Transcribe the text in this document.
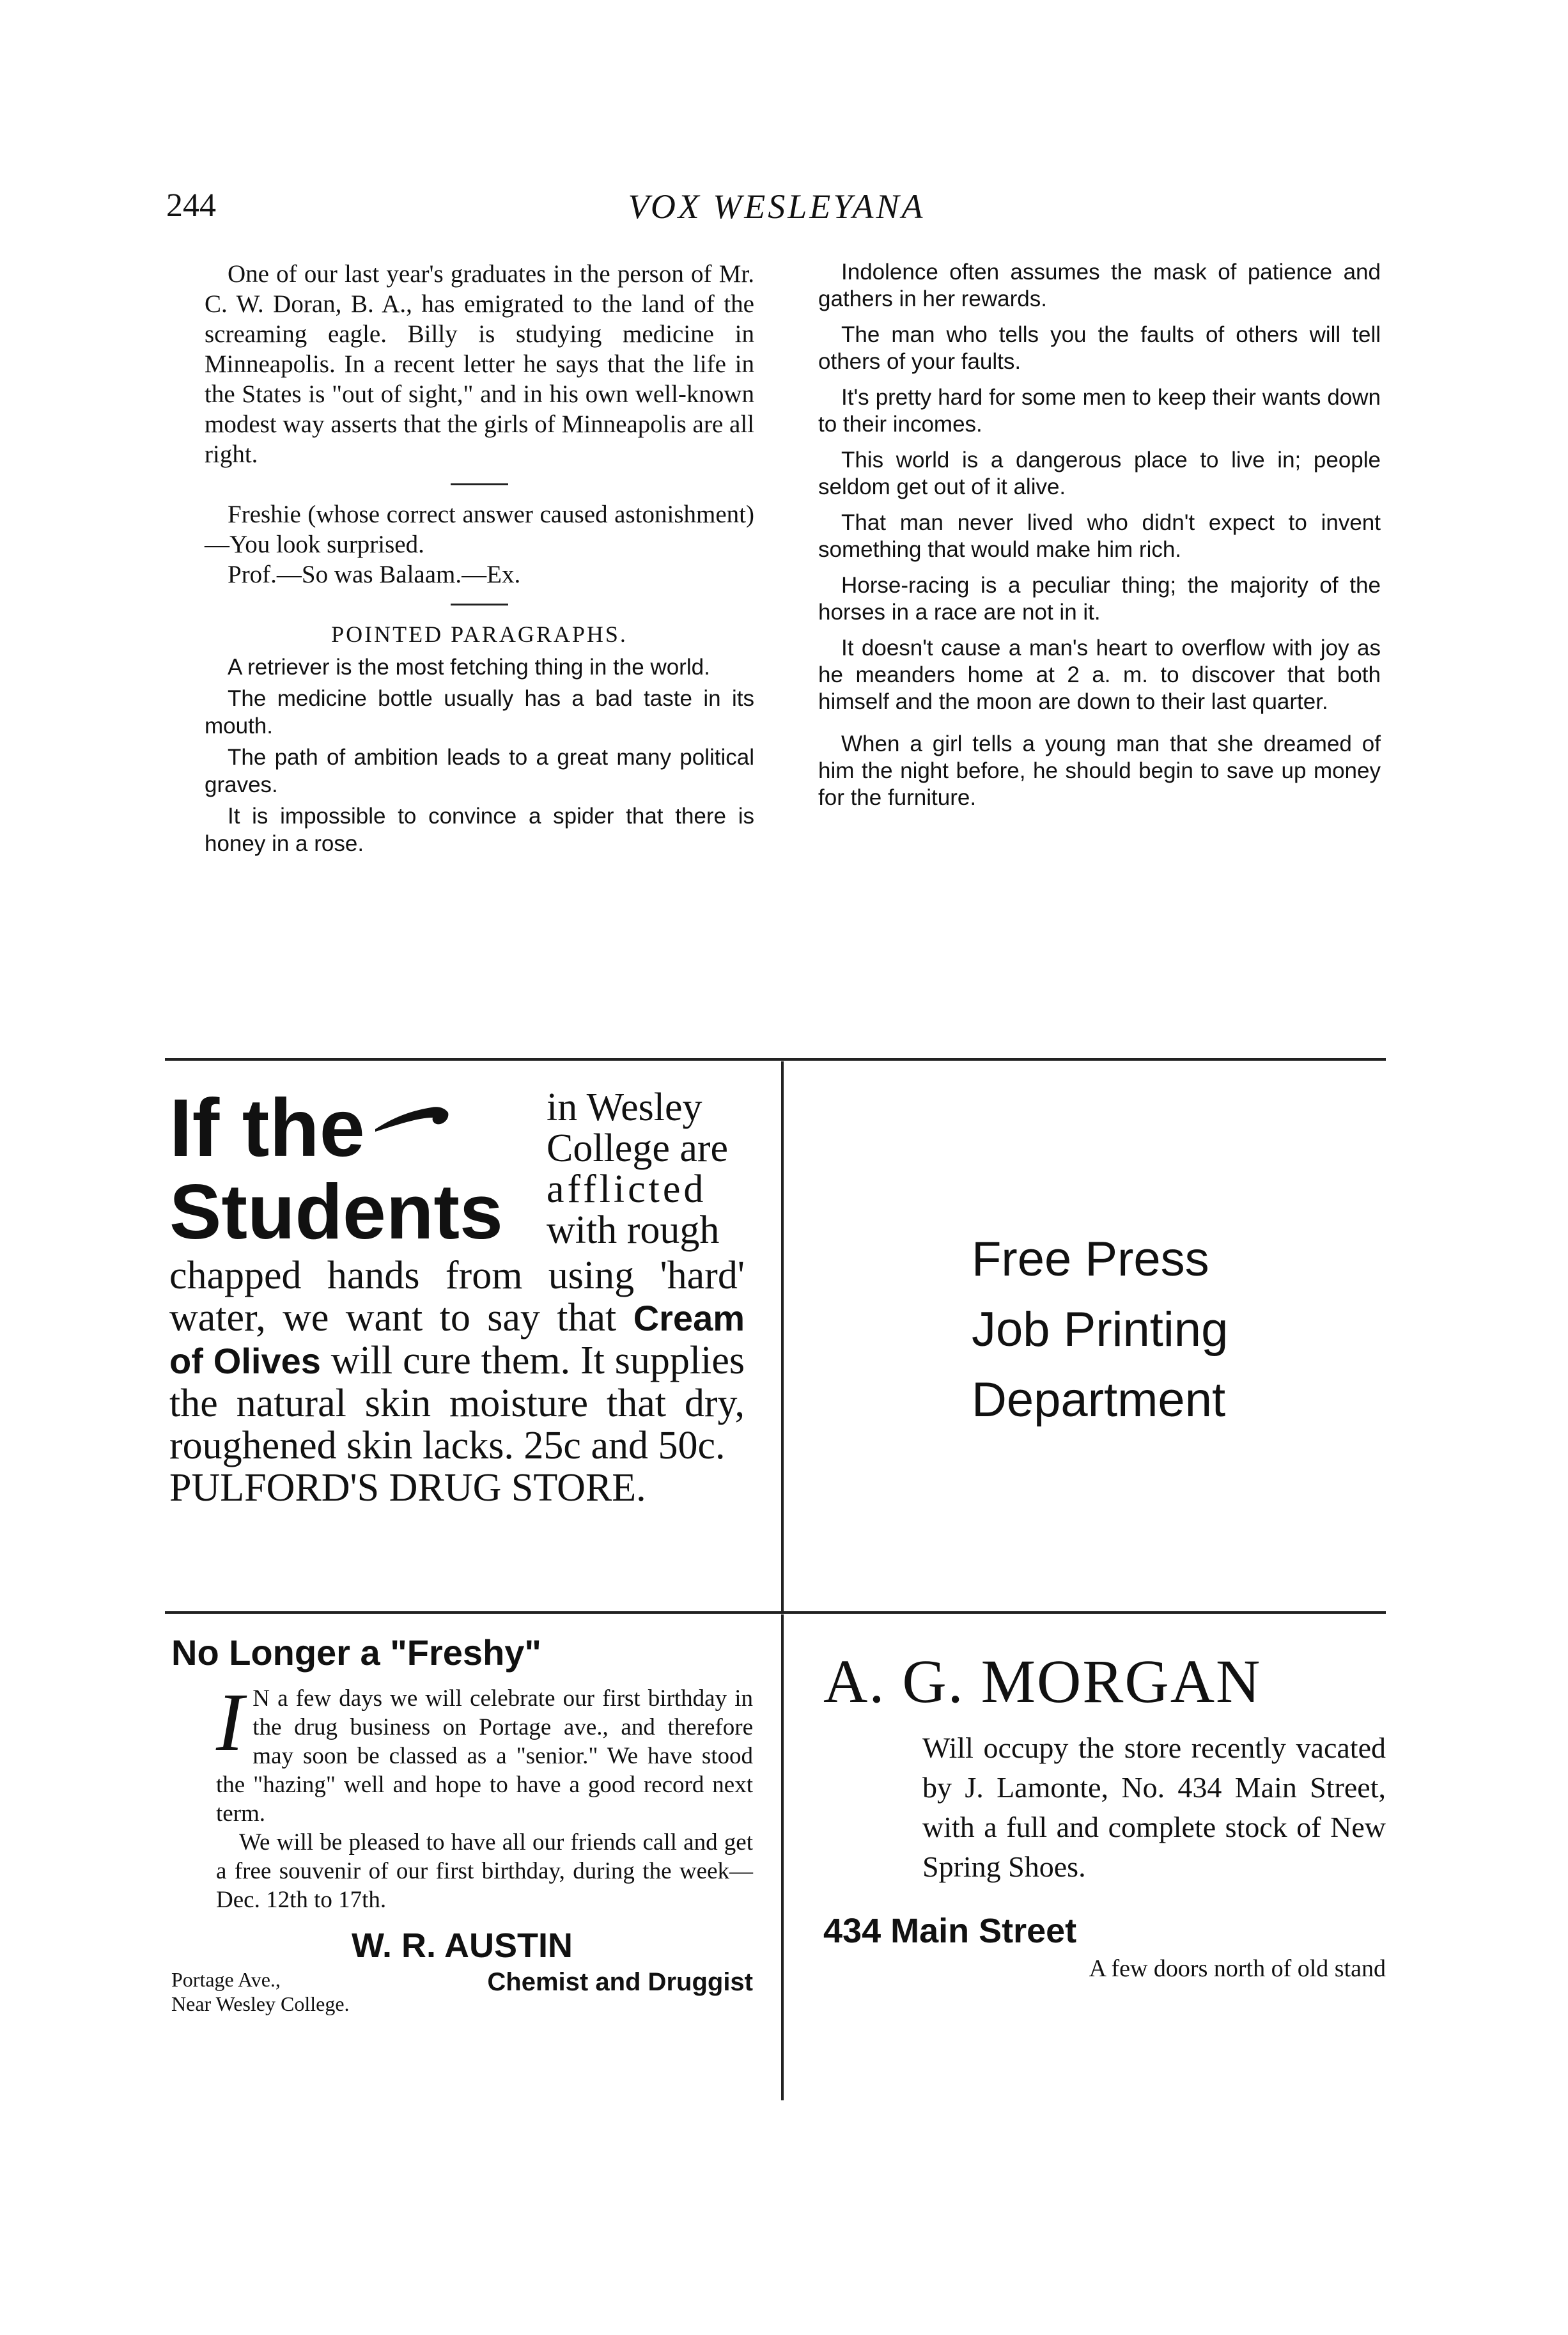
244	VOX WESLEYANA

One of our last year's graduates in the person of Mr. C. W. Doran, B. A., has emigrated to the land of the screaming eagle. Billy is studying medicine in Minneapolis. In a recent letter he says that the life in the States is "out of sight," and in his own well-known modest way asserts that the girls of Minneapolis are all right.

Freshie (whose correct answer caused astonishment)—You look surprised.

Prof.—So was Balaam.—Ex.

POINTED PARAGRAPHS.

A retriever is the most fetching thing in the world.

The medicine bottle usually has a bad taste in its mouth.

The path of ambition leads to a great many political graves.

It is impossible to convince a spider that there is honey in a rose.

Indolence often assumes the mask of patience and gathers in her rewards.

The man who tells you the faults of others will tell others of your faults.

It's pretty hard for some men to keep their wants down to their incomes.

This world is a dangerous place to live in; people seldom get out of it alive.

That man never lived who didn't expect to invent something that would make him rich.

Horse-racing is a peculiar thing; the majority of the horses in a race are not in it.

It doesn't cause a man's heart to overflow with joy as he meanders home at 2 a. m. to discover that both himself and the moon are down to their last quarter.

When a girl tells a young man that she dreamed of him the night before, he should begin to save up money for the furniture.

If the
Students
in Wesley
College are
afflicted
with rough
chapped hands from using 'hard' water, we want to say that Cream of Olives will cure them. It supplies the natural skin moisture that dry, roughened skin lacks. 25c and 50c.
PULFORD'S DRUG STORE.
Free Press
Job Printing
Department
No Longer a "Freshy"
I N a few days we will celebrate our first birthday in the drug business on Portage ave., and therefore may soon be classed as a "senior." We have stood the "hazing" well and hope to have a good record next term.
We will be pleased to have all our friends call and get a free souvenir of our first birthday, during the week—Dec. 12th to 17th.
W. R. AUSTIN
Portage Ave.,
Near Wesley College.
Chemist and Druggist
A. G. MORGAN
Will occupy the store recently vacated by J. Lamonte, No. 434 Main Street, with a full and complete stock of New Spring Shoes.
434 Main Street
A few doors north of old stand
